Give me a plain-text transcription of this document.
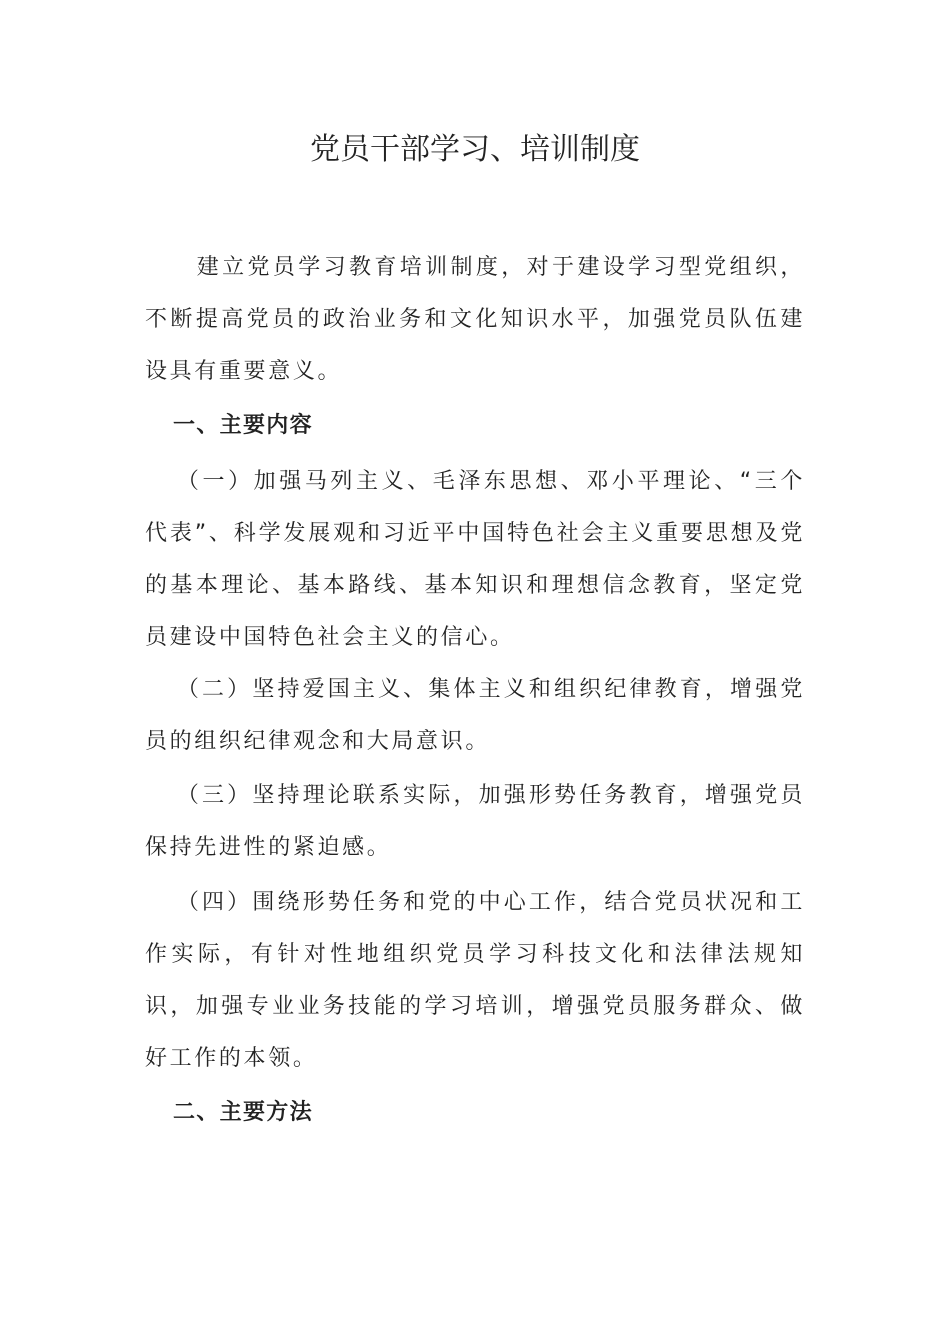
党员干部学习、培训制度

建立党员学习教育培训制度，对于建设学习型党组织，不断提高党员的政治业务和文化知识水平，加强党员队伍建设具有重要意义。

一、主要内容

（一）加强马列主义、毛泽东思想、邓小平理论、“三个代表”、科学发展观和习近平中国特色社会主义重要思想及党的基本理论、基本路线、基本知识和理想信念教育，坚定党员建设中国特色社会主义的信心。

（二）坚持爱国主义、集体主义和组织纪律教育，增强党员的组织纪律观念和大局意识。

（三）坚持理论联系实际，加强形势任务教育，增强党员保持先进性的紧迫感。

（四）围绕形势任务和党的中心工作，结合党员状况和工作实际，有针对性地组织党员学习科技文化和法律法规知识，加强专业业务技能的学习培训，增强党员服务群众、做好工作的本领。

二、主要方法
